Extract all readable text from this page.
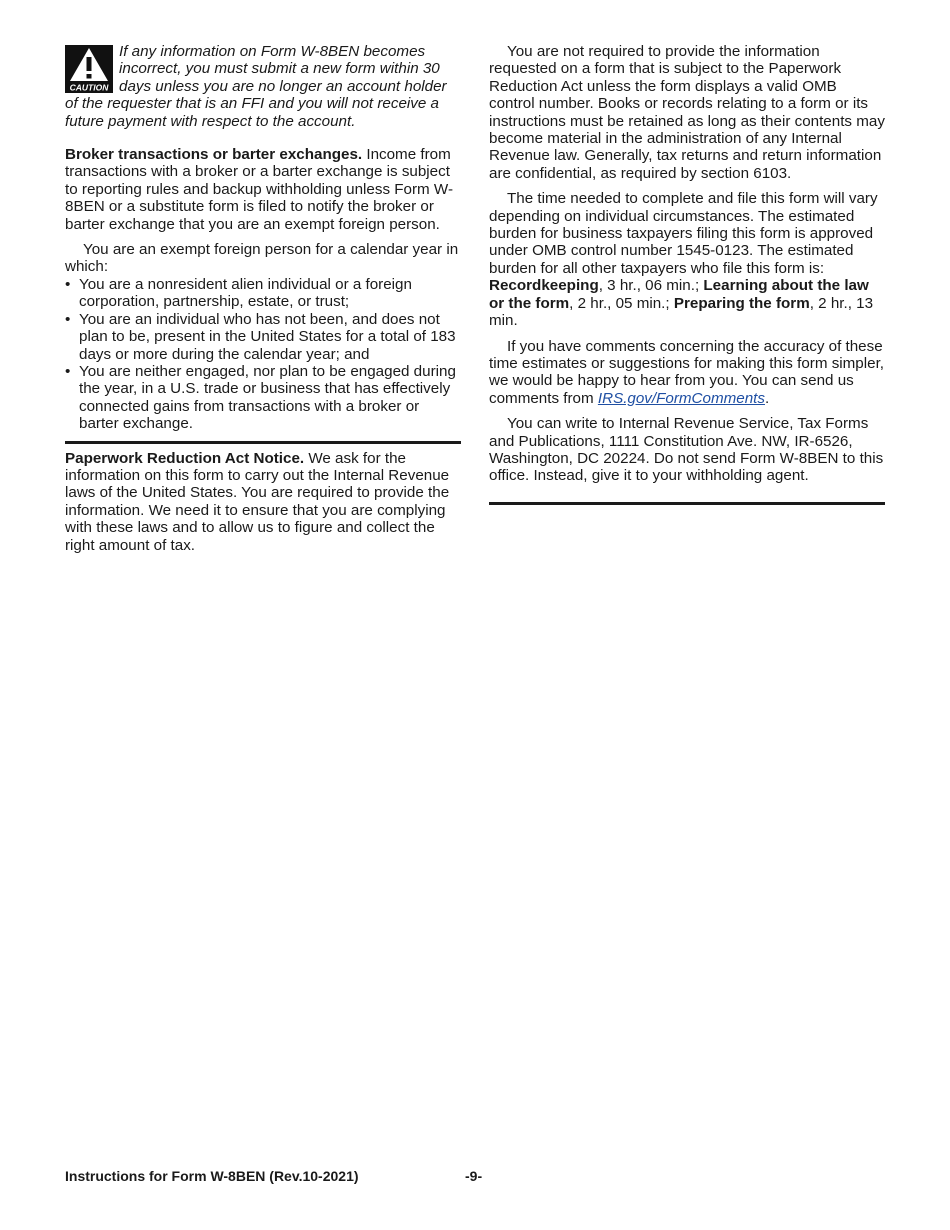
CAUTION
If any information on Form W-8BEN becomes incorrect, you must submit a new form within 30 days unless you are no longer an account holder of the requester that is an FFI and you will not receive a future payment with respect to the account.

Broker transactions or barter exchanges. Income from transactions with a broker or a barter exchange is subject to reporting rules and backup withholding unless Form W-8BEN or a substitute form is filed to notify the broker or barter exchange that you are an exempt foreign person.

You are an exempt foreign person for a calendar year in which:

• You are a nonresident alien individual or a foreign corporation, partnership, estate, or trust;
• You are an individual who has not been, and does not plan to be, present in the United States for a total of 183 days or more during the calendar year; and
• You are neither engaged, nor plan to be engaged during the year, in a U.S. trade or business that has effectively connected gains from transactions with a broker or barter exchange.

Paperwork Reduction Act Notice. We ask for the information on this form to carry out the Internal Revenue laws of the United States. You are required to provide the information. We need it to ensure that you are complying with these laws and to allow us to figure and collect the right amount of tax.

You are not required to provide the information requested on a form that is subject to the Paperwork Reduction Act unless the form displays a valid OMB control number. Books or records relating to a form or its instructions must be retained as long as their contents may become material in the administration of any Internal Revenue law. Generally, tax returns and return information are confidential, as required by section 6103.

The time needed to complete and file this form will vary depending on individual circumstances. The estimated burden for business taxpayers filing this form is approved under OMB control number 1545-0123. The estimated burden for all other taxpayers who file this form is: Recordkeeping, 3 hr., 06 min.; Learning about the law or the form, 2 hr., 05 min.; Preparing the form, 2 hr., 13 min.

If you have comments concerning the accuracy of these time estimates or suggestions for making this form simpler, we would be happy to hear from you. You can send us comments from IRS.gov/FormComments.

You can write to Internal Revenue Service, Tax Forms and Publications, 1111 Constitution Ave. NW, IR-6526, Washington, DC 20224. Do not send Form W-8BEN to this office. Instead, give it to your withholding agent.

Instructions for Form W-8BEN (Rev.10-2021)	-9-
